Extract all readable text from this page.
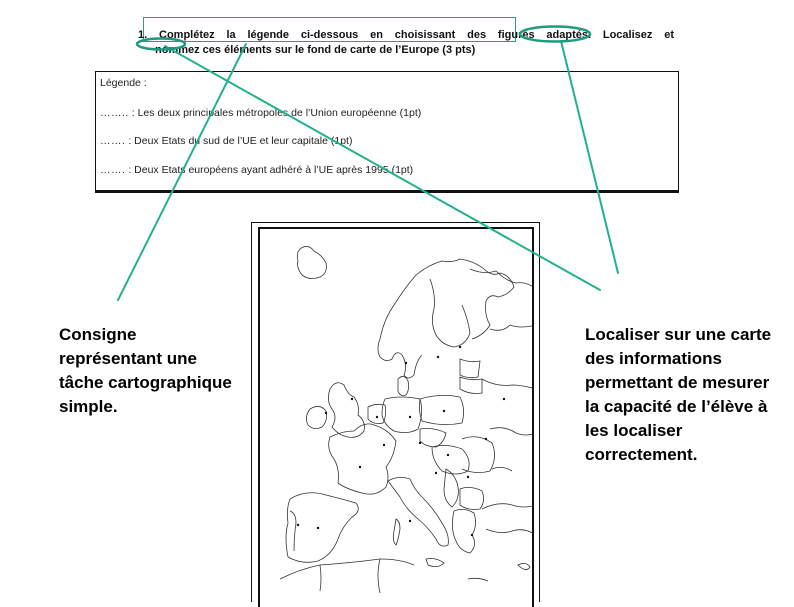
1. Complétez la légende ci-dessous en choisissant des figurés adaptés. Localisez et
nommez ces éléments sur le fond de carte de l’Europe (3 pts)
Légende :
…….. : Les deux principales métropoles de l’Union européenne (1pt)
……. : Deux Etats du sud de l’UE et leur capitale (1pt)
……. : Deux Etats européens ayant adhéré à l’UE après 1995 (1pt)
Consigne représentant une tâche cartographique simple.
Localiser sur une carte des informations permettant de mesurer la capacité de l’élève à les localiser correctement.
